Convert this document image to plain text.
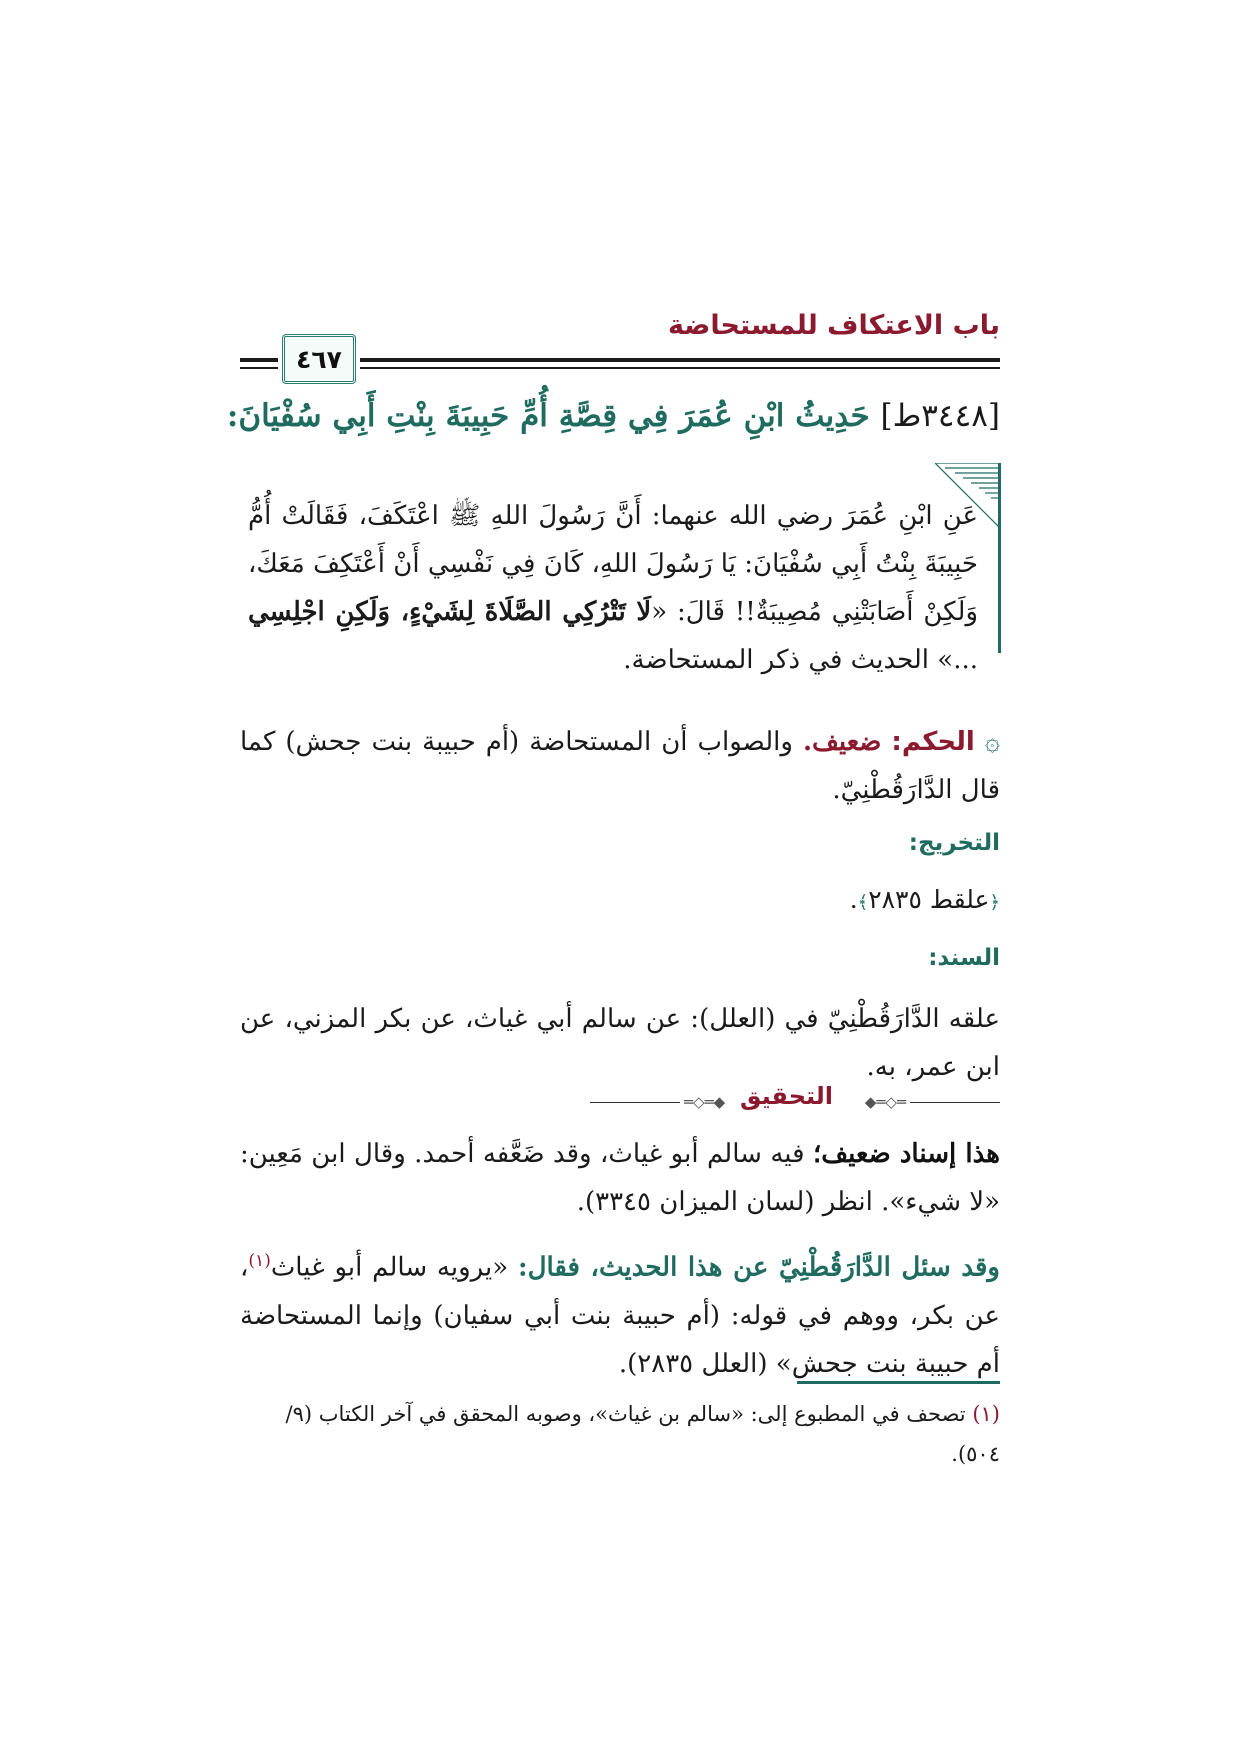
باب الاعتكاف للمستحاضة
٤٦٧
[٣٤٤٨ط] حَدِيثُ ابْنِ عُمَرَ فِي قِصَّةِ أُمِّ حَبِيبَةَ بِنْتِ أَبِي سُفْيَانَ:
عَنِ ابْنِ عُمَرَ رضي الله عنهما: أَنَّ رَسُولَ اللهِ ﷺ اعْتَكَفَ، فَقَالَتْ أُمُّ حَبِيبَةَ بِنْتُ أَبِي سُفْيَانَ: يَا رَسُولَ اللهِ، كَانَ فِي نَفْسِي أَنْ أَعْتَكِفَ مَعَكَ، وَلَكِنْ أَصَابَتْنِي مُصِيبَةٌ!! قَالَ: «لَا تَتْرُكِي الصَّلَاةَ لِشَيْءٍ، وَلَكِنِ اجْلِسِي ...» الحديث في ذكر المستحاضة.
۞ الحكم: ضعيف. والصواب أن المستحاضة (أم حبيبة بنت جحش) كما قال الدَّارَقُطْنِيّ.
التخريج:
﴿علقط ٢٨٣٥﴾.
السند:
علقه الدَّارَقُطْنِيّ في (العلل): عن سالم أبي غياث، عن بكر المزني، عن ابن عمر، به.
◆═◇═	═◇═◆
التحقيق
هذا إسناد ضعيف؛ فيه سالم أبو غياث، وقد ضَعَّفه أحمد. وقال ابن مَعِين: «لا شيء». انظر (لسان الميزان ٣٣٤٥).
وقد سئل الدَّارَقُطْنِيّ عن هذا الحديث، فقال: «يرويه سالم أبو غياث$^{(١)}$، عن بكر، ووهم في قوله: (أم حبيبة بنت أبي سفيان) وإنما المستحاضة أم حبيبة بنت جحش» (العلل ٢٨٣٥).
(١) تصحف في المطبوع إلى: «سالم بن غياث»، وصوبه المحقق في آخر الكتاب (٩/ ٥٠٤).
